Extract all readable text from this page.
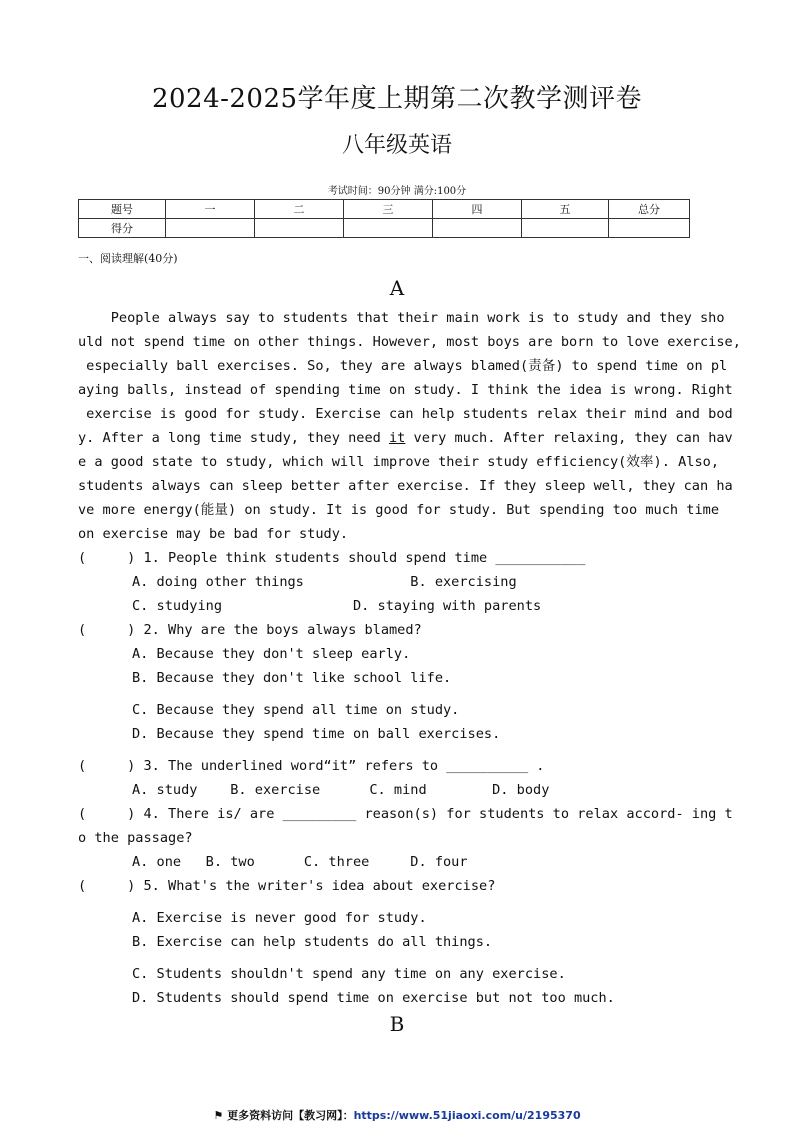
2024-2025学年度上期第二次教学测评卷
八年级英语
考试时间：90分钟 满分:100分
题号	一	二	三	四	五	总分
得分						
一、阅读理解(40分)
A

People always say to students that their main work is to study and they sho

uld not spend time on other things. However, most boys are born to love exercise,

especially ball exercises. So, they are always blamed(责备) to spend time on pl

aying balls, instead of spending time on study. I think the idea is wrong. Right

exercise is good for study. Exercise can help students relax their mind and bod

y. After a long time study, they need it very much. After relaxing, they can hav

e a good state to study, which will improve their study efficiency(效率). Also,

students always can sleep better after exercise. If they sleep well, they can ha

ve more energy(能量) on study. It is good for study. But spending too much time

on exercise may be bad for study.

(     ) 1. People think students should spend time ___________
A. doing other things             B. exercising
C. studying                D. staying with parents
(     ) 2. Why are the boys always blamed?
A. Because they don't sleep early.
B. Because they don't like school life.
C. Because they spend all time on study.
D. Because they spend time on ball exercises.
(     ) 3. The underlined word“it” refers to __________ .
A. study    B. exercise      C. mind        D. body
(     ) 4. There is/ are _________ reason(s) for students to relax accord- ing t
o the passage?
A. one   B. two      C. three     D. four
(     ) 5. What's the writer's idea about exercise?
A. Exercise is never good for study.
B. Exercise can help students do all things.
C. Students shouldn't spend any time on any exercise.
D. Students should spend time on exercise but not too much.
B
⚑ 更多资料访问【教习网】：https://www.51jiaoxi.com/u/2195370
